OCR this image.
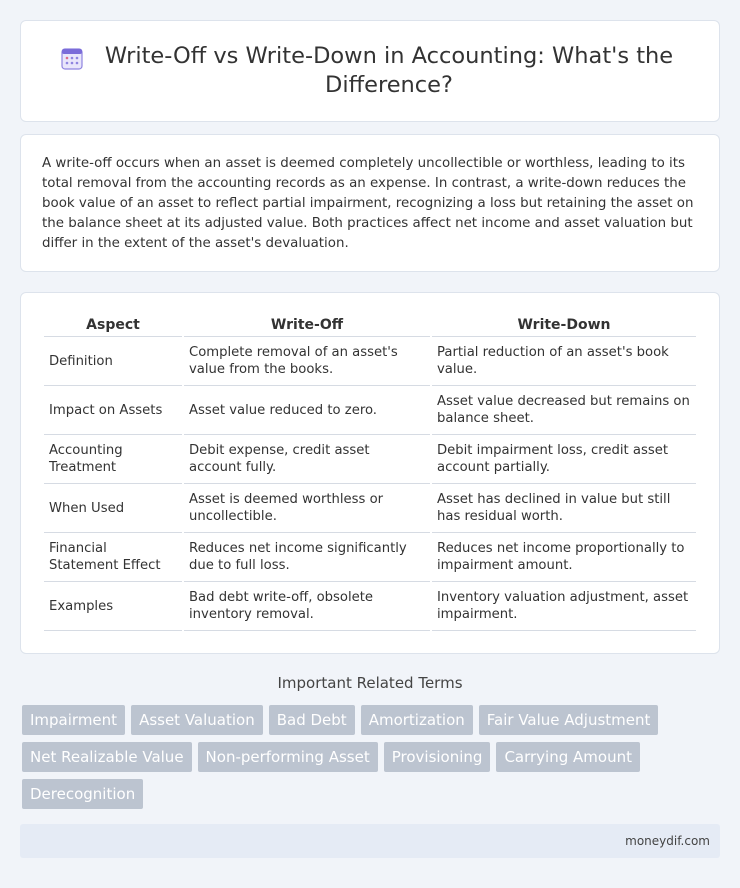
Write-Off vs Write-Down in Accounting: What's the Difference?

A write-off occurs when an asset is deemed completely uncollectible or worthless, leading to its total removal from the accounting records as an expense. In contrast, a write-down reduces the book value of an asset to reflect partial impairment, recognizing a loss but retaining the asset on the balance sheet at its adjusted value. Both practices affect net income and asset valuation but differ in the extent of the asset's devaluation.

Aspect	Write-Off	Write-Down
Definition	Complete removal of an asset's value from the books.	Partial reduction of an asset's book value.
Impact on Assets	Asset value reduced to zero.	Asset value decreased but remains on balance sheet.
Accounting Treatment	Debit expense, credit asset account fully.	Debit impairment loss, credit asset account partially.
When Used	Asset is deemed worthless or uncollectible.	Asset has declined in value but still has residual worth.
Financial Statement Effect	Reduces net income significantly due to full loss.	Reduces net income proportionally to impairment amount.
Examples	Bad debt write-off, obsolete inventory removal.	Inventory valuation adjustment, asset impairment.
Important Related Terms
Impairment	Asset Valuation	Bad Debt	Amortization	Fair Value Adjustment
Net Realizable Value	Non-performing Asset	Provisioning	Carrying Amount
Derecognition
moneydif.com
